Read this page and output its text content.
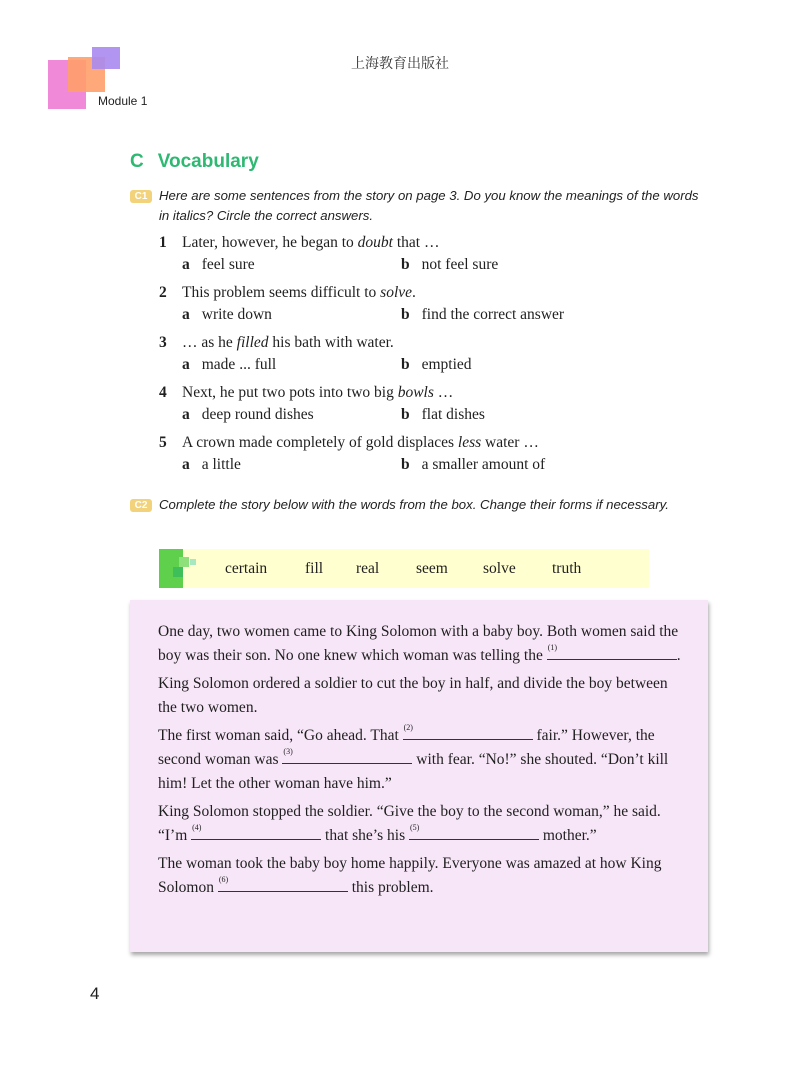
上海教育出版社
Module 1
C Vocabulary
C1 Here are some sentences from the story on page 3. Do you know the meanings of the words in italics? Circle the correct answers.
1 Later, however, he began to doubt that …
a feel sure	b not feel sure
2 This problem seems difficult to solve.
a write down	b find the correct answer
3 … as he filled his bath with water.
a made ... full	b emptied
4 Next, he put two pots into two big bowls …
a deep round dishes	b flat dishes
5 A crown made completely of gold displaces less water …
a a little	b a smaller amount of
C2 Complete the story below with the words from the box. Change their forms if necessary.
certain fill real seem solve truth

One day, two women came to King Solomon with a baby boy. Both women said the boy was their son. No one knew which woman was telling the (1)	.

King Solomon ordered a soldier to cut the boy in half, and divide the boy between the two women.

The first woman said, “Go ahead. That (2)	fair.” However, the second woman was (3)	with fear. “No!” she shouted. “Don’t kill him! Let the other woman have him.”

King Solomon stopped the soldier. “Give the boy to the second woman,” he said. “I’m (4)	that she’s his (5)	mother.”

The woman took the baby boy home happily. Everyone was amazed at how King Solomon (6)	this problem.

4
